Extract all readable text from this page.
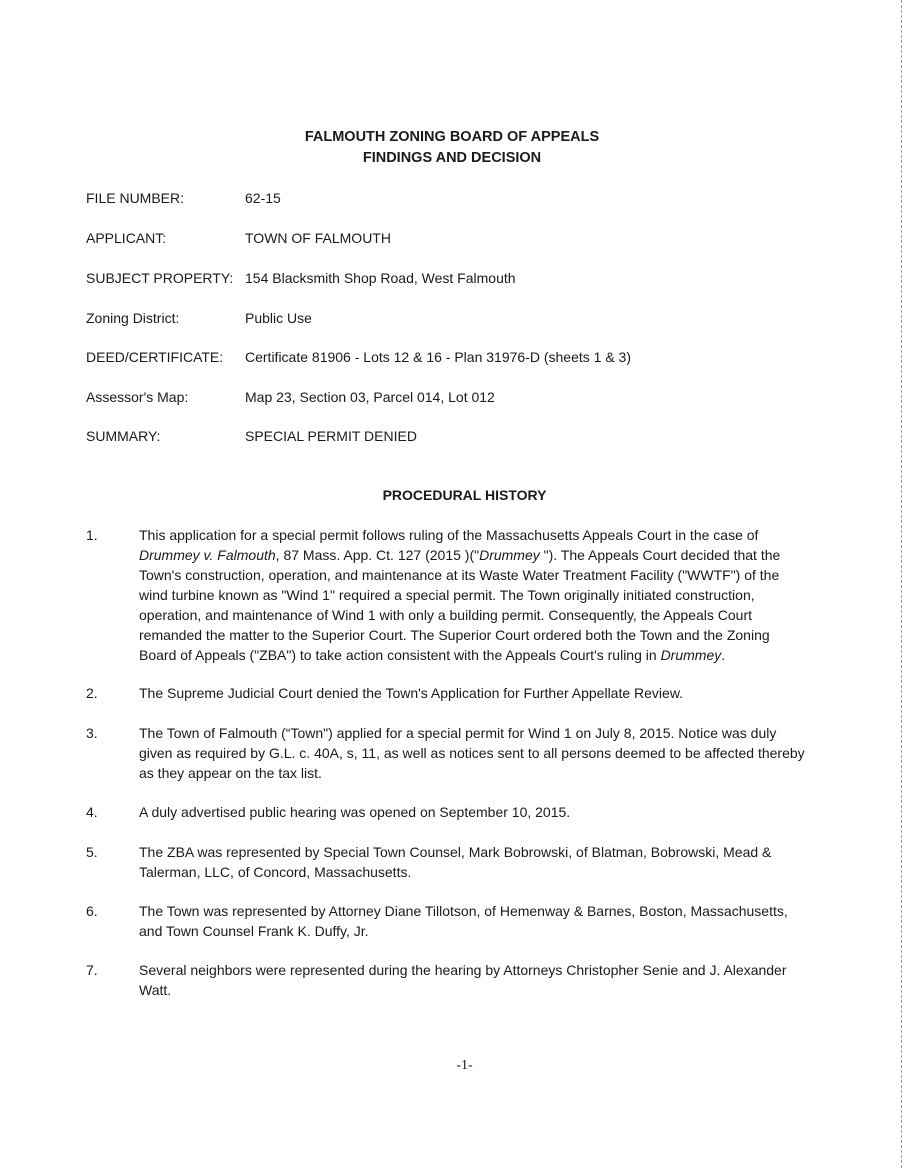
FALMOUTH ZONING BOARD OF APPEALS
FINDINGS AND DECISION
FILE NUMBER:	62-15
APPLICANT:	TOWN OF FALMOUTH
SUBJECT PROPERTY: 154 Blacksmith Shop Road, West Falmouth
Zoning District:	Public Use
DEED/CERTIFICATE: Certificate 81906 - Lots 12 & 16 - Plan 31976-D (sheets 1 & 3)
Assessor's Map:	Map 23, Section 03, Parcel 014, Lot 012
SUMMARY:	SPECIAL PERMIT DENIED
PROCEDURAL HISTORY
1.	This application for a special permit follows ruling of the Massachusetts Appeals Court in the case of
Drummey v. Falmouth, 87 Mass. App. Ct. 127 (2015 )("Drummey "). The Appeals Court decided that the
Town's construction, operation, and maintenance at its Waste Water Treatment Facility ("WWTF") of the
wind turbine known as "Wind 1" required a special permit. The Town originally initiated construction,
operation, and maintenance of Wind 1 with only a building permit. Consequently, the Appeals Court
remanded the matter to the Superior Court. The Superior Court ordered both the Town and the Zoning
Board of Appeals ("ZBA") to take action consistent with the Appeals Court's ruling in Drummey.
2.	The Supreme Judicial Court denied the Town's Application for Further Appellate Review.
3.	The Town of Falmouth (“Town") applied for a special permit for Wind 1 on July 8, 2015. Notice was duly
given as required by G.L. c. 40A, s, 11, as well as notices sent to all persons deemed to be affected thereby
as they appear on the tax list.
4.	A duly advertised public hearing was opened on September 10, 2015.
5.	The ZBA was represented by Special Town Counsel, Mark Bobrowski, of Blatman, Bobrowski, Mead &
Talerman, LLC, of Concord, Massachusetts.
6.	The Town was represented by Attorney Diane Tillotson, of Hemenway & Barnes, Boston, Massachusetts,
and Town Counsel Frank K. Duffy, Jr.
7.	Several neighbors were represented during the hearing by Attorneys Christopher Senie and J. Alexander
Watt.
-1-
